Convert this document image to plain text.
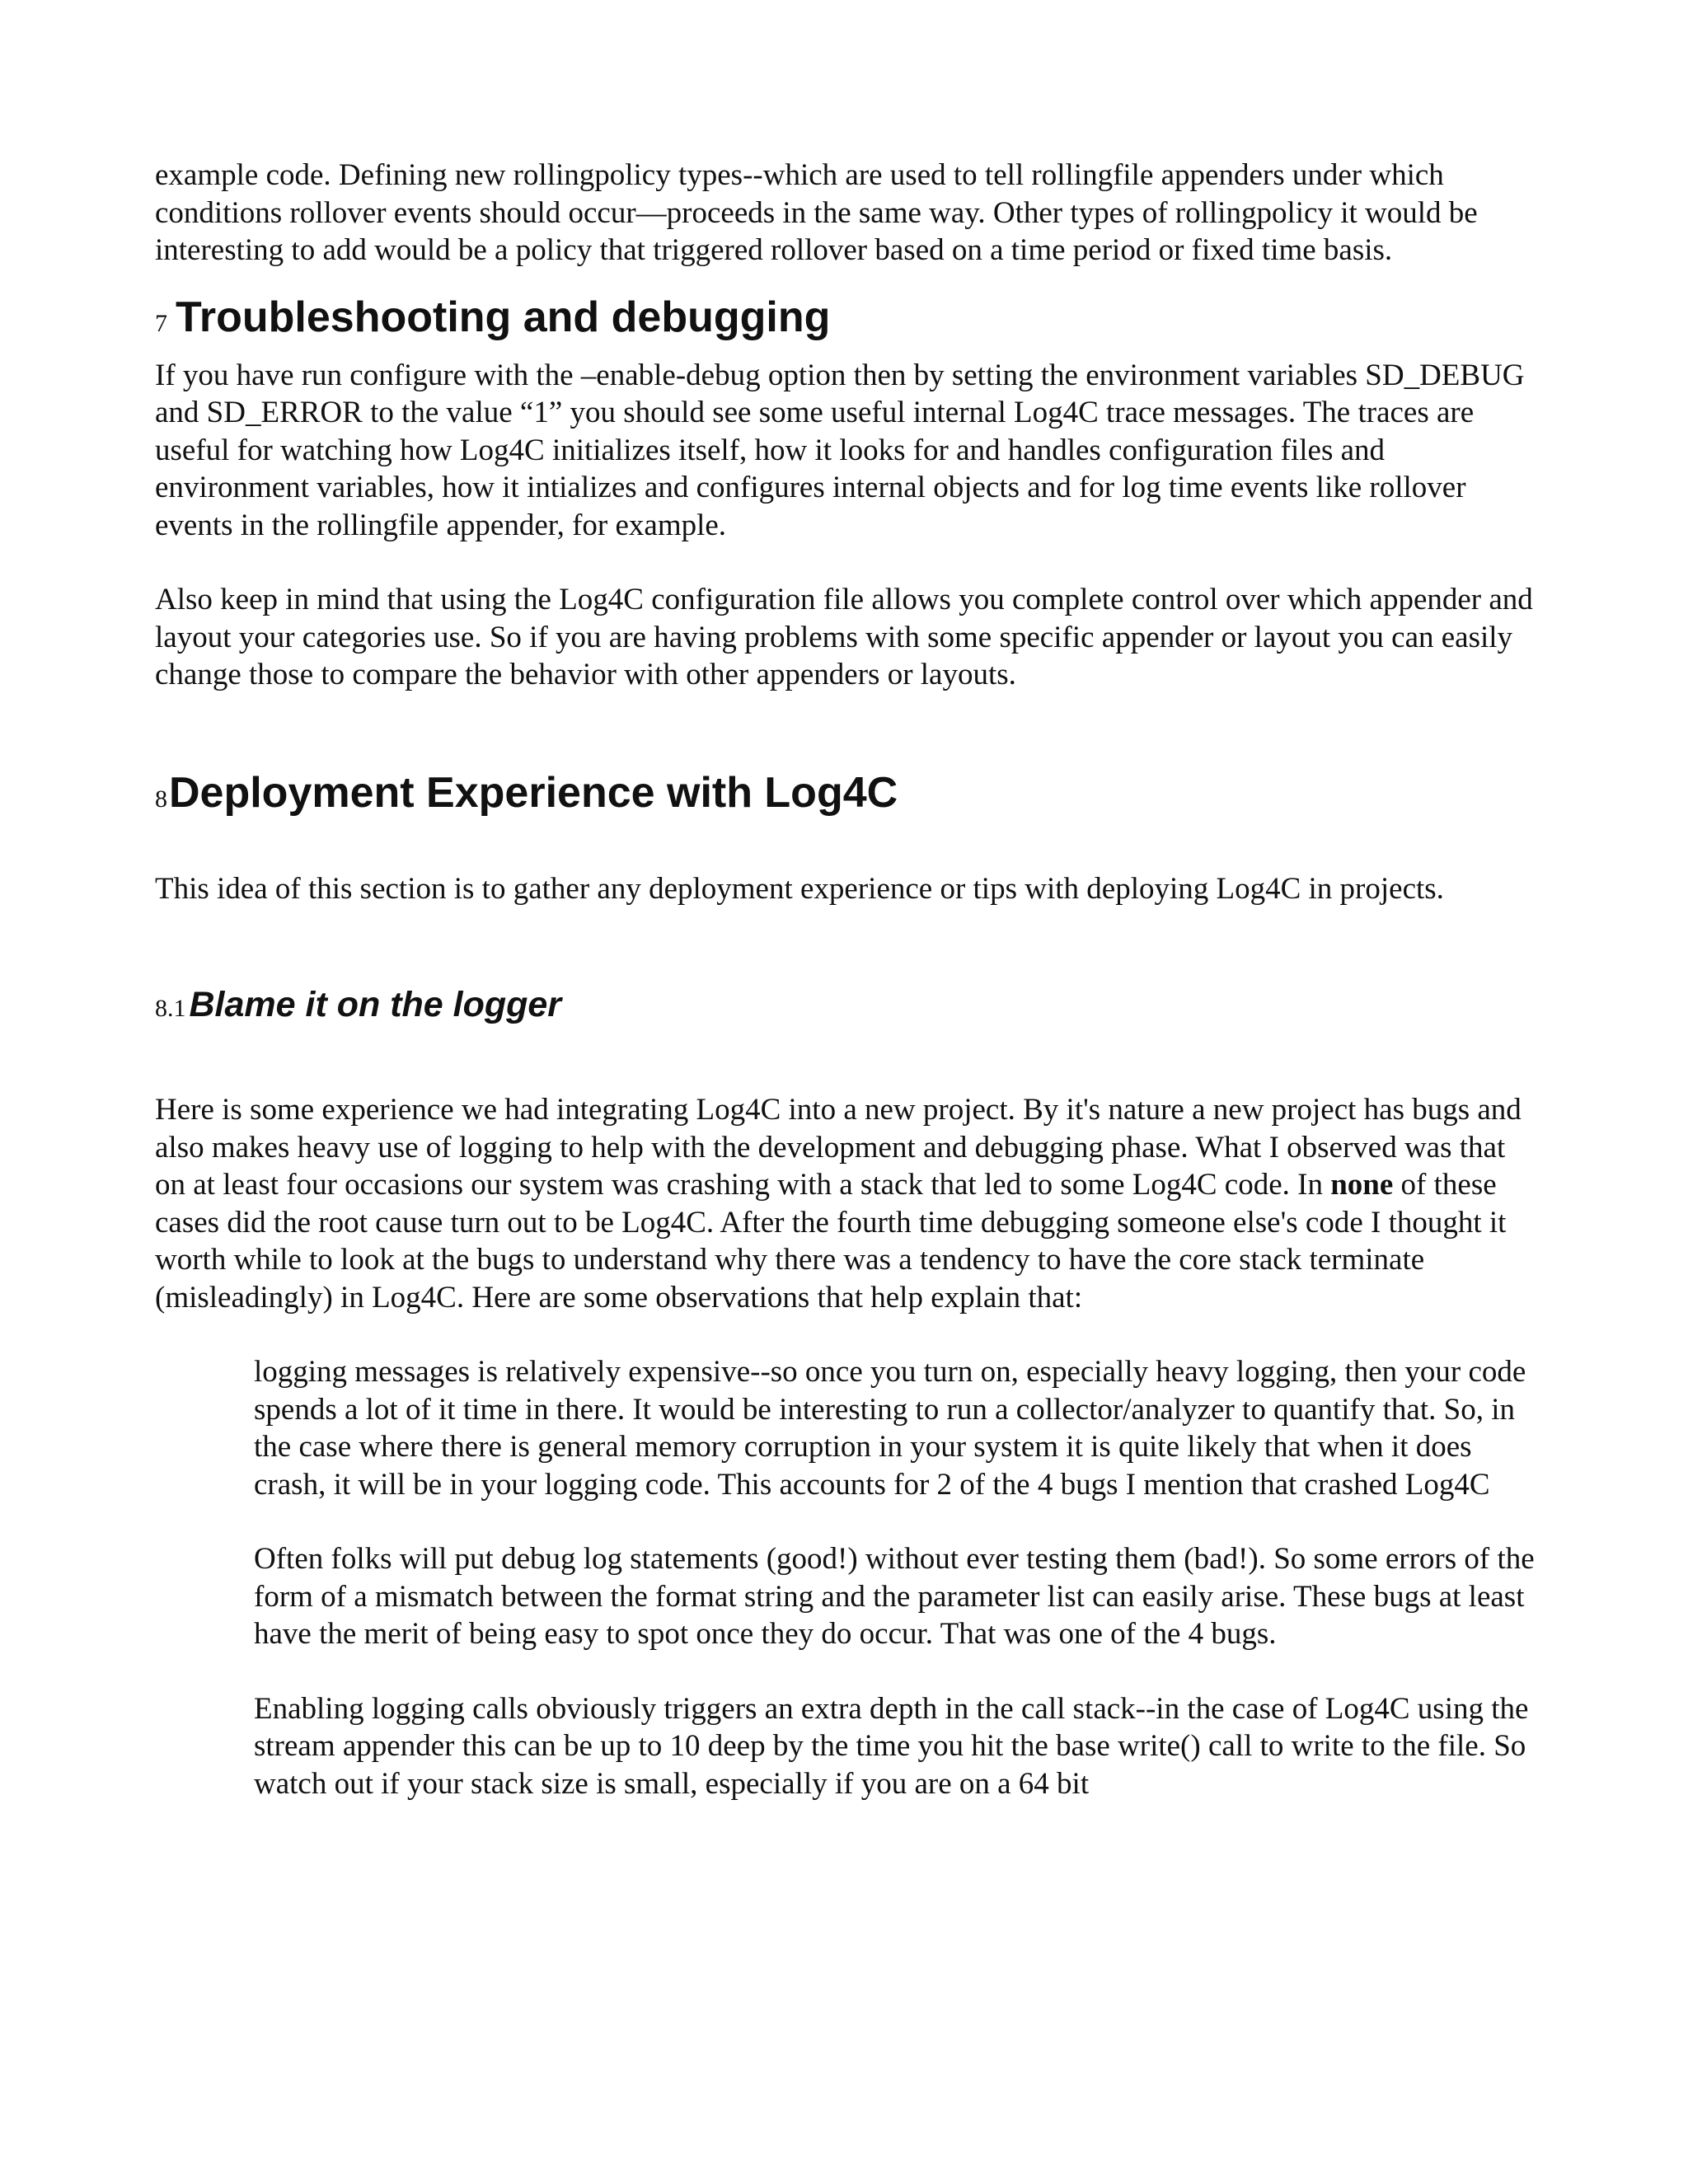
example code. Defining new rollingpolicy types--which are used to tell rollingfile appenders under which conditions rollover events should occur—proceeds in the same way. Other types of rollingpolicy it would be interesting to add would be a policy that triggered rollover based on a time period or fixed time basis.

7 Troubleshooting and debugging

If you have run configure with the –enable-debug option then by setting the environment variables SD_DEBUG and SD_ERROR to the value “1” you should see some useful internal Log4C trace messages. The traces are useful for watching how Log4C initializes itself, how it looks for and handles configuration files and environment variables, how it intializes and configures internal objects and for log time events like rollover events in the rollingfile appender, for example.

Also keep in mind that using the Log4C configuration file allows you complete control over which appender and layout your categories use. So if you are having problems with some specific appender or layout you can easily change those to compare the behavior with other appenders or layouts.

8Deployment Experience with Log4C

This idea of this section is to gather any deployment experience or tips with deploying Log4C in projects.

8.1Blame it on the logger

Here is some experience we had integrating Log4C into a new project. By it's nature a new project has bugs and also makes heavy use of logging to help with the development and debugging phase. What I observed was that on at least four occasions our system was crashing with a stack that led to some Log4C code. In none of these cases did the root cause turn out to be Log4C. After the fourth time debugging someone else's code I thought it worth while to look at the bugs to understand why there was a tendency to have the core stack terminate (misleadingly) in Log4C. Here are some observations that help explain that:

logging messages is relatively expensive--so once you turn on, especially heavy logging, then your code spends a lot of it time in there. It would be interesting to run a collector/analyzer to quantify that. So, in the case where there is general memory corruption in your system it is quite likely that when it does crash, it will be in your logging code. This accounts for 2 of the 4 bugs I mention that crashed Log4C

Often folks will put debug log statements (good!) without ever testing them (bad!). So some errors of the form of a mismatch between the format string and the parameter list can easily arise. These bugs at least have the merit of being easy to spot once they do occur. That was one of the 4 bugs.

Enabling logging calls obviously triggers an extra depth in the call stack--in the case of Log4C using the stream appender this can be up to 10 deep by the time you hit the base write() call to write to the file. So watch out if your stack size is small, especially if you are on a 64 bit
